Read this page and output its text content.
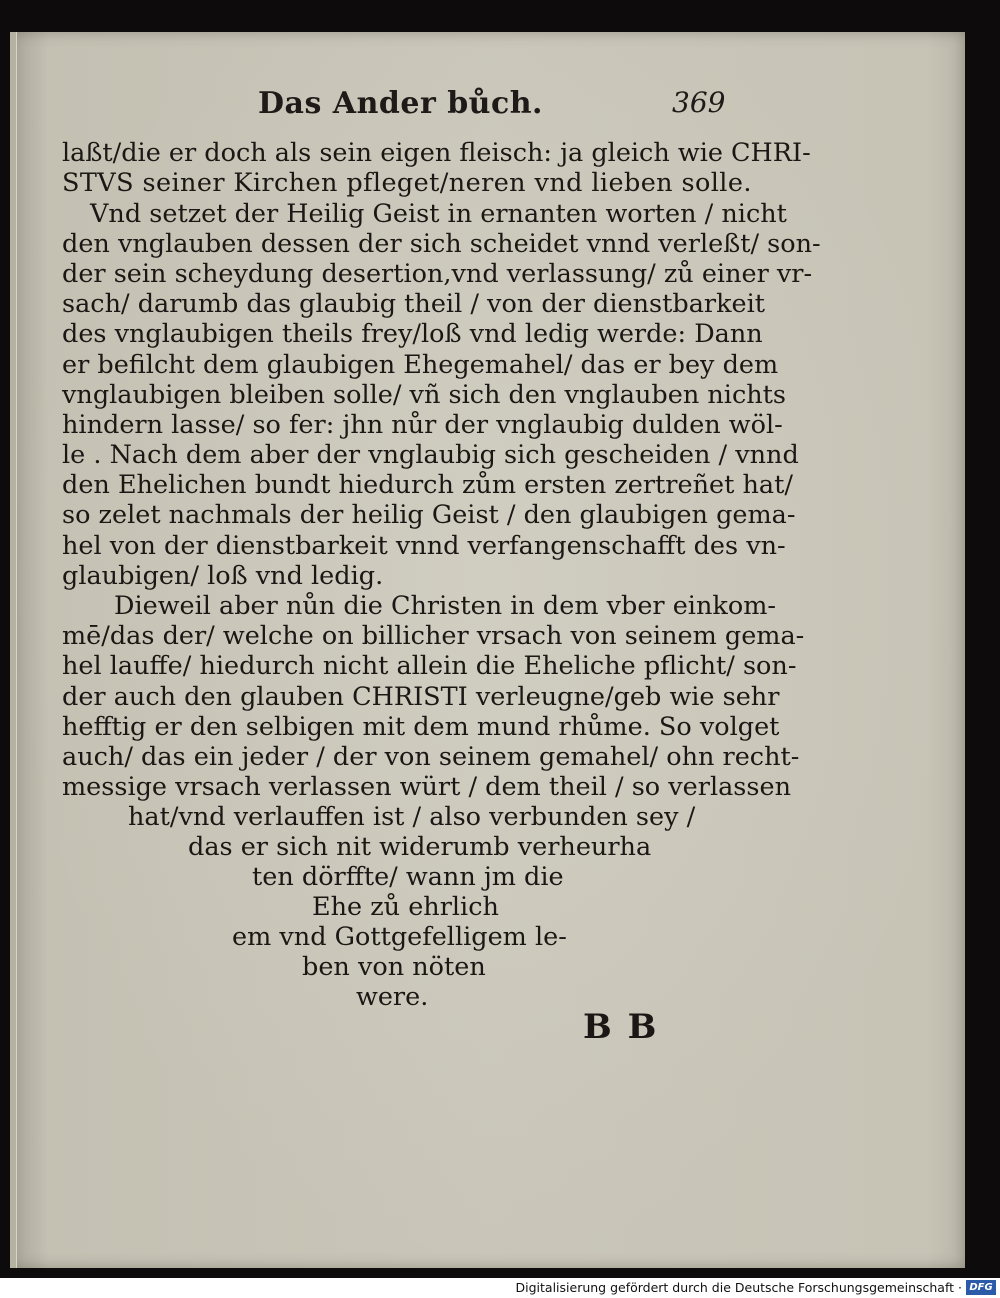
Das Ander bůch.	369
laßt/die er doch als sein eigen fleisch: ja gleich wie CHRI-
STVS seiner Kirchen pfleget/neren vnd lieben solle.
Vnd setzet der Heilig Geist in ernanten worten / nicht
den vnglauben dessen der sich scheidet vnnd verleßt/ son-
der sein scheydung desertion,vnd verlassung/ zů einer vr-
sach/ darumb das glaubig theil / von der dienstbarkeit
des vnglaubigen theils frey/loß vnd ledig werde: Dann
er befilcht dem glaubigen Ehegemahel/ das er bey dem
vnglaubigen bleiben solle/ vñ sich den vnglauben nichts
hindern lasse/ so fer: jhn nůr der vnglaubig dulden wöl-
le . Nach dem aber der vnglaubig sich gescheiden / vnnd
den Ehelichen bundt hiedurch zům ersten zertreñet hat/
so zelet nachmals der heilig Geist / den glaubigen gema-
hel von der dienstbarkeit vnnd verfangenschafft des vn-
glaubigen/ loß vnd ledig.
Dieweil aber nůn die Christen in dem vber einkom-
mē/das der/ welche on billicher vrsach von seinem gema-
hel lauffe/ hiedurch nicht allein die Eheliche pflicht/ son-
der auch den glauben CHRISTI verleugne/geb wie sehr
hefftig er den selbigen mit dem mund rhůme. So volget
auch/ das ein jeder / der von seinem gemahel/ ohn recht-
messige vrsach verlassen würt / dem theil / so verlassen
hat/vnd verlauffen ist / also verbunden sey /
das er sich nit widerumb verheurha
ten dörffte/ wann jm die
Ehe zů ehrlich
em vnd Gottgefelligem le-
ben von nöten
were.
B B
Digitalisierung gefördert durch die Deutsche Forschungsgemeinschaft · DFG
